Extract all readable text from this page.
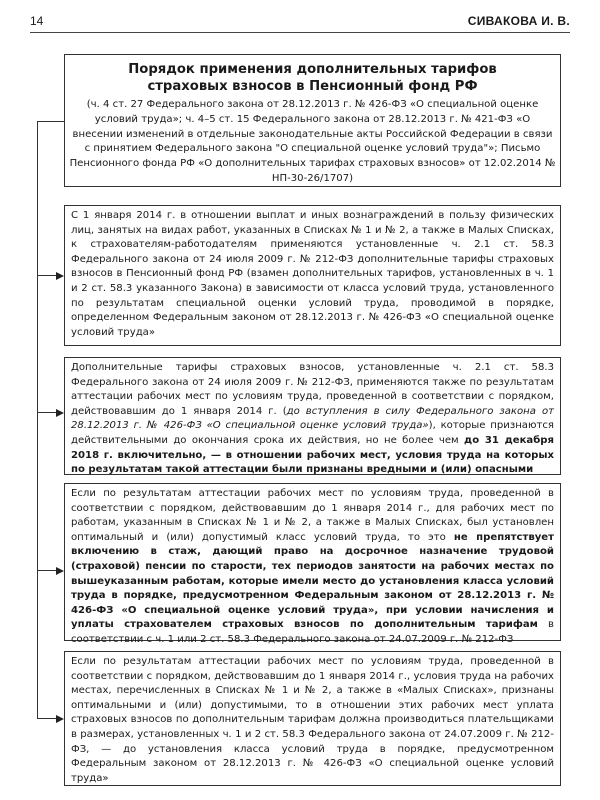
14	СИВАКОВА И. В.
Порядок применения дополнительных тарифов
страховых взносов в Пенсионный фонд РФ
(ч. 4 ст. 27 Федерального закона от 28.12.2013 г. № 426-ФЗ «О специальной оценке условий труда»; ч. 4–5 ст. 15 Федерального закона от 28.12.2013 г. № 421-ФЗ «О внесении изменений в отдельные законодательные акты Российской Федерации в связи с принятием Федерального закона "О специальной оценке условий труда"»; Письмо Пенсионного фонда РФ «О дополнительных тарифах страховых взносов» от 12.02.2014 № НП-30-26/1707)
С 1 января 2014 г. в отношении выплат и иных вознаграждений в пользу физических лиц, занятых на видах работ, указанных в Списках № 1 и № 2, а также в Малых Списках, к страхователям-работодателям применяются установленные ч. 2.1 ст. 58.3 Федерального закона от 24 июля 2009 г. № 212-ФЗ дополнительные тарифы страховых взносов в Пенсионный фонд РФ (взамен дополнительных тарифов, установленных в ч. 1 и 2 ст. 58.3 указанного Закона) в зависимости от класса условий труда, установленного по результатам специальной оценки условий труда, проводимой в порядке, определенном Федеральным законом от 28.12.2013 г. № 426-ФЗ «О специальной оценке условий труда»
Дополнительные тарифы страховых взносов, установленные ч. 2.1 ст. 58.3 Федерального закона от 24 июля 2009 г. № 212-ФЗ, применяются также по результатам аттестации рабочих мест по условиям труда, проведенной в соответствии с порядком, действовавшим до 1 января 2014 г. (до вступления в силу Федерального закона от 28.12.2013 г. № 426-ФЗ «О специальной оценке условий труда»), которые признаются действительными до окончания срока их действия, но не более чем до 31 декабря 2018 г. включительно, — в отношении рабочих мест, условия труда на которых по результатам такой аттестации были признаны вредными и (или) опасными
Если по результатам аттестации рабочих мест по условиям труда, проведенной в соответствии с порядком, действовавшим до 1 января 2014 г., для рабочих мест по работам, указанным в Списках № 1 и № 2, а также в Малых Списках, был установлен оптимальный и (или) допустимый класс условий труда, то это не препятствует включению в стаж, дающий право на досрочное назначение трудовой (страховой) пенсии по старости, тех периодов занятости на рабочих местах по вышеуказанным работам, которые имели место до установления класса условий труда в порядке, предусмотренном Федеральным законом от 28.12.2013 г. № 426-ФЗ «О специальной оценке условий труда», при условии начисления и уплаты страхователем страховых взносов по дополнительным тарифам в соответствии с ч. 1 или 2 ст. 58.3 Федерального закона от 24.07.2009 г. № 212-ФЗ
Если по результатам аттестации рабочих мест по условиям труда, проведенной в соответствии с порядком, действовавшим до 1 января 2014 г., условия труда на рабочих местах, перечисленных в Списках № 1 и № 2, а также в «Малых Списках», признаны оптимальными и (или) допустимыми, то в отношении этих рабочих мест уплата страховых взносов по дополнительным тарифам должна производиться плательщиками в размерах, установленных ч. 1 и 2 ст. 58.3 Федерального закона от 24.07.2009 г. № 212-ФЗ, — до установления класса условий труда в порядке, предусмотренном Федеральным законом от 28.12.2013 г. № 426-ФЗ «О специальной оценке условий труда»
